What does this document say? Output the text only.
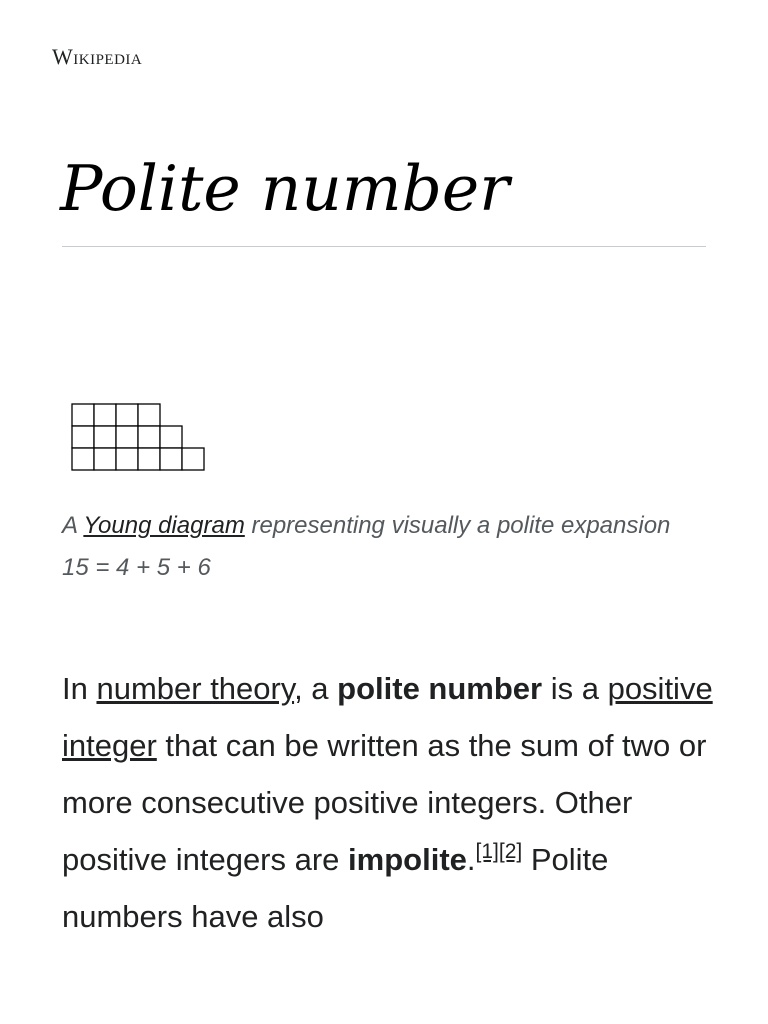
Wikipedia
Polite number

A Young diagram representing visually a polite expansion 15 = 4 + 5 + 6

In number theory, a polite number is a positive integer that can be written as the sum of two or more consecutive positive integers. Other positive integers are impolite.[1][2] Polite numbers have also
